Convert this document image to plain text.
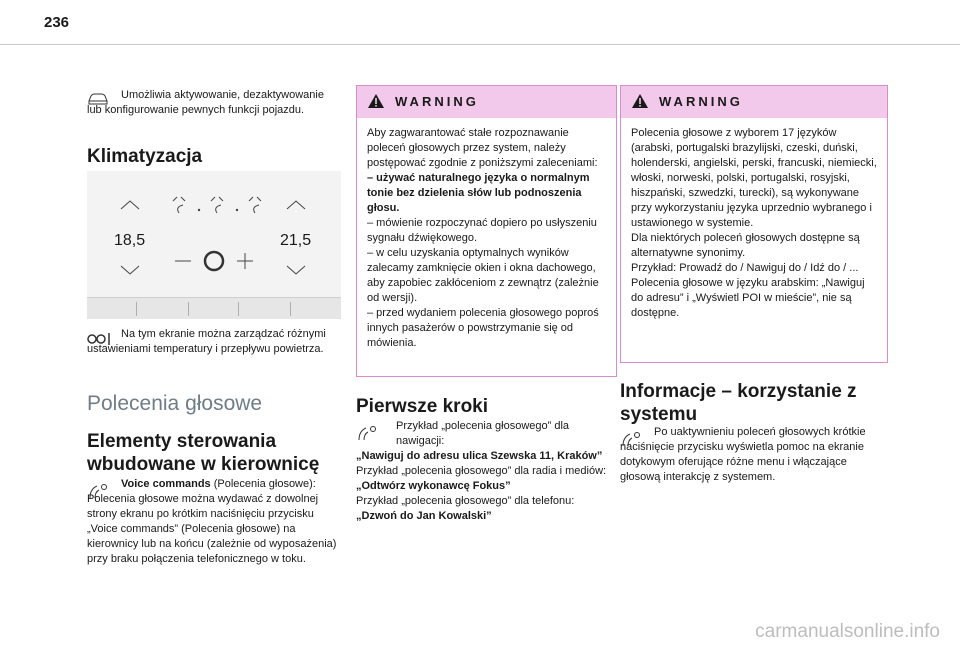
236
Umożliwia aktywowanie, dezaktywowanie lub konfigurowanie pewnych funkcji pojazdu.
Klimatyzacja
18,5	21,5
Na tym ekranie można zarządzać różnymi ustawieniami temperatury i przepływu powietrza.
Polecenia głosowe
Elementy sterowania
wbudowane w kierownicę
Voice commands (Polecenia głosowe): Polecenia głosowe można wydawać z dowolnej strony ekranu po krótkim naciśnięciu przycisku „Voice commands” (Polecenia głosowe) na kierownicy lub na końcu (zależnie od wyposażenia) przy braku połączenia telefonicznego w toku.
WARNING
Aby zagwarantować stałe rozpoznawanie poleceń głosowych przez system, należy postępować zgodnie z poniższymi zaleceniami:
– używać naturalnego języka o normalnym tonie bez dzielenia słów lub podnoszenia głosu.
– mówienie rozpoczynać dopiero po usłyszeniu sygnału dźwiękowego.
– w celu uzyskania optymalnych wyników zalecamy zamknięcie okien i okna dachowego, aby zapobiec zakłóceniom z zewnątrz (zależnie od wersji).
– przed wydaniem polecenia głosowego poproś innych pasażerów o powstrzymanie się od mówienia.
Pierwsze kroki
Przykład „polecenia głosowego” dla nawigacji:
„Nawiguj do adresu ulica Szewska 11, Kraków”
Przykład „polecenia głosowego” dla radia i mediów:
„Odtwórz wykonawcę Fokus”
Przykład „polecenia głosowego” dla telefonu:
„Dzwoń do Jan Kowalski”
WARNING
Polecenia głosowe z wyborem 17 języków (arabski, portugalski brazylijski, czeski, duński, holenderski, angielski, perski, francuski, niemiecki, włoski, norweski, polski, portugalski, rosyjski, hiszpański, szwedzki, turecki), są wykonywane przy wykorzystaniu języka uprzednio wybranego i ustawionego w systemie.
Dla niektórych poleceń głosowych dostępne są alternatywne synonimy.
Przykład: Prowadź do / Nawiguj do / Idź do / ...
Polecenia głosowe w języku arabskim: „Nawiguj do adresu” i „Wyświetl POI w mieście”, nie są dostępne.
Informacje – korzystanie z
systemu
Po uaktywnieniu poleceń głosowych krótkie naciśnięcie przycisku wyświetla pomoc na ekranie dotykowym oferujące różne menu i włączające głosową interakcję z systemem.
carmanualsonline.info
